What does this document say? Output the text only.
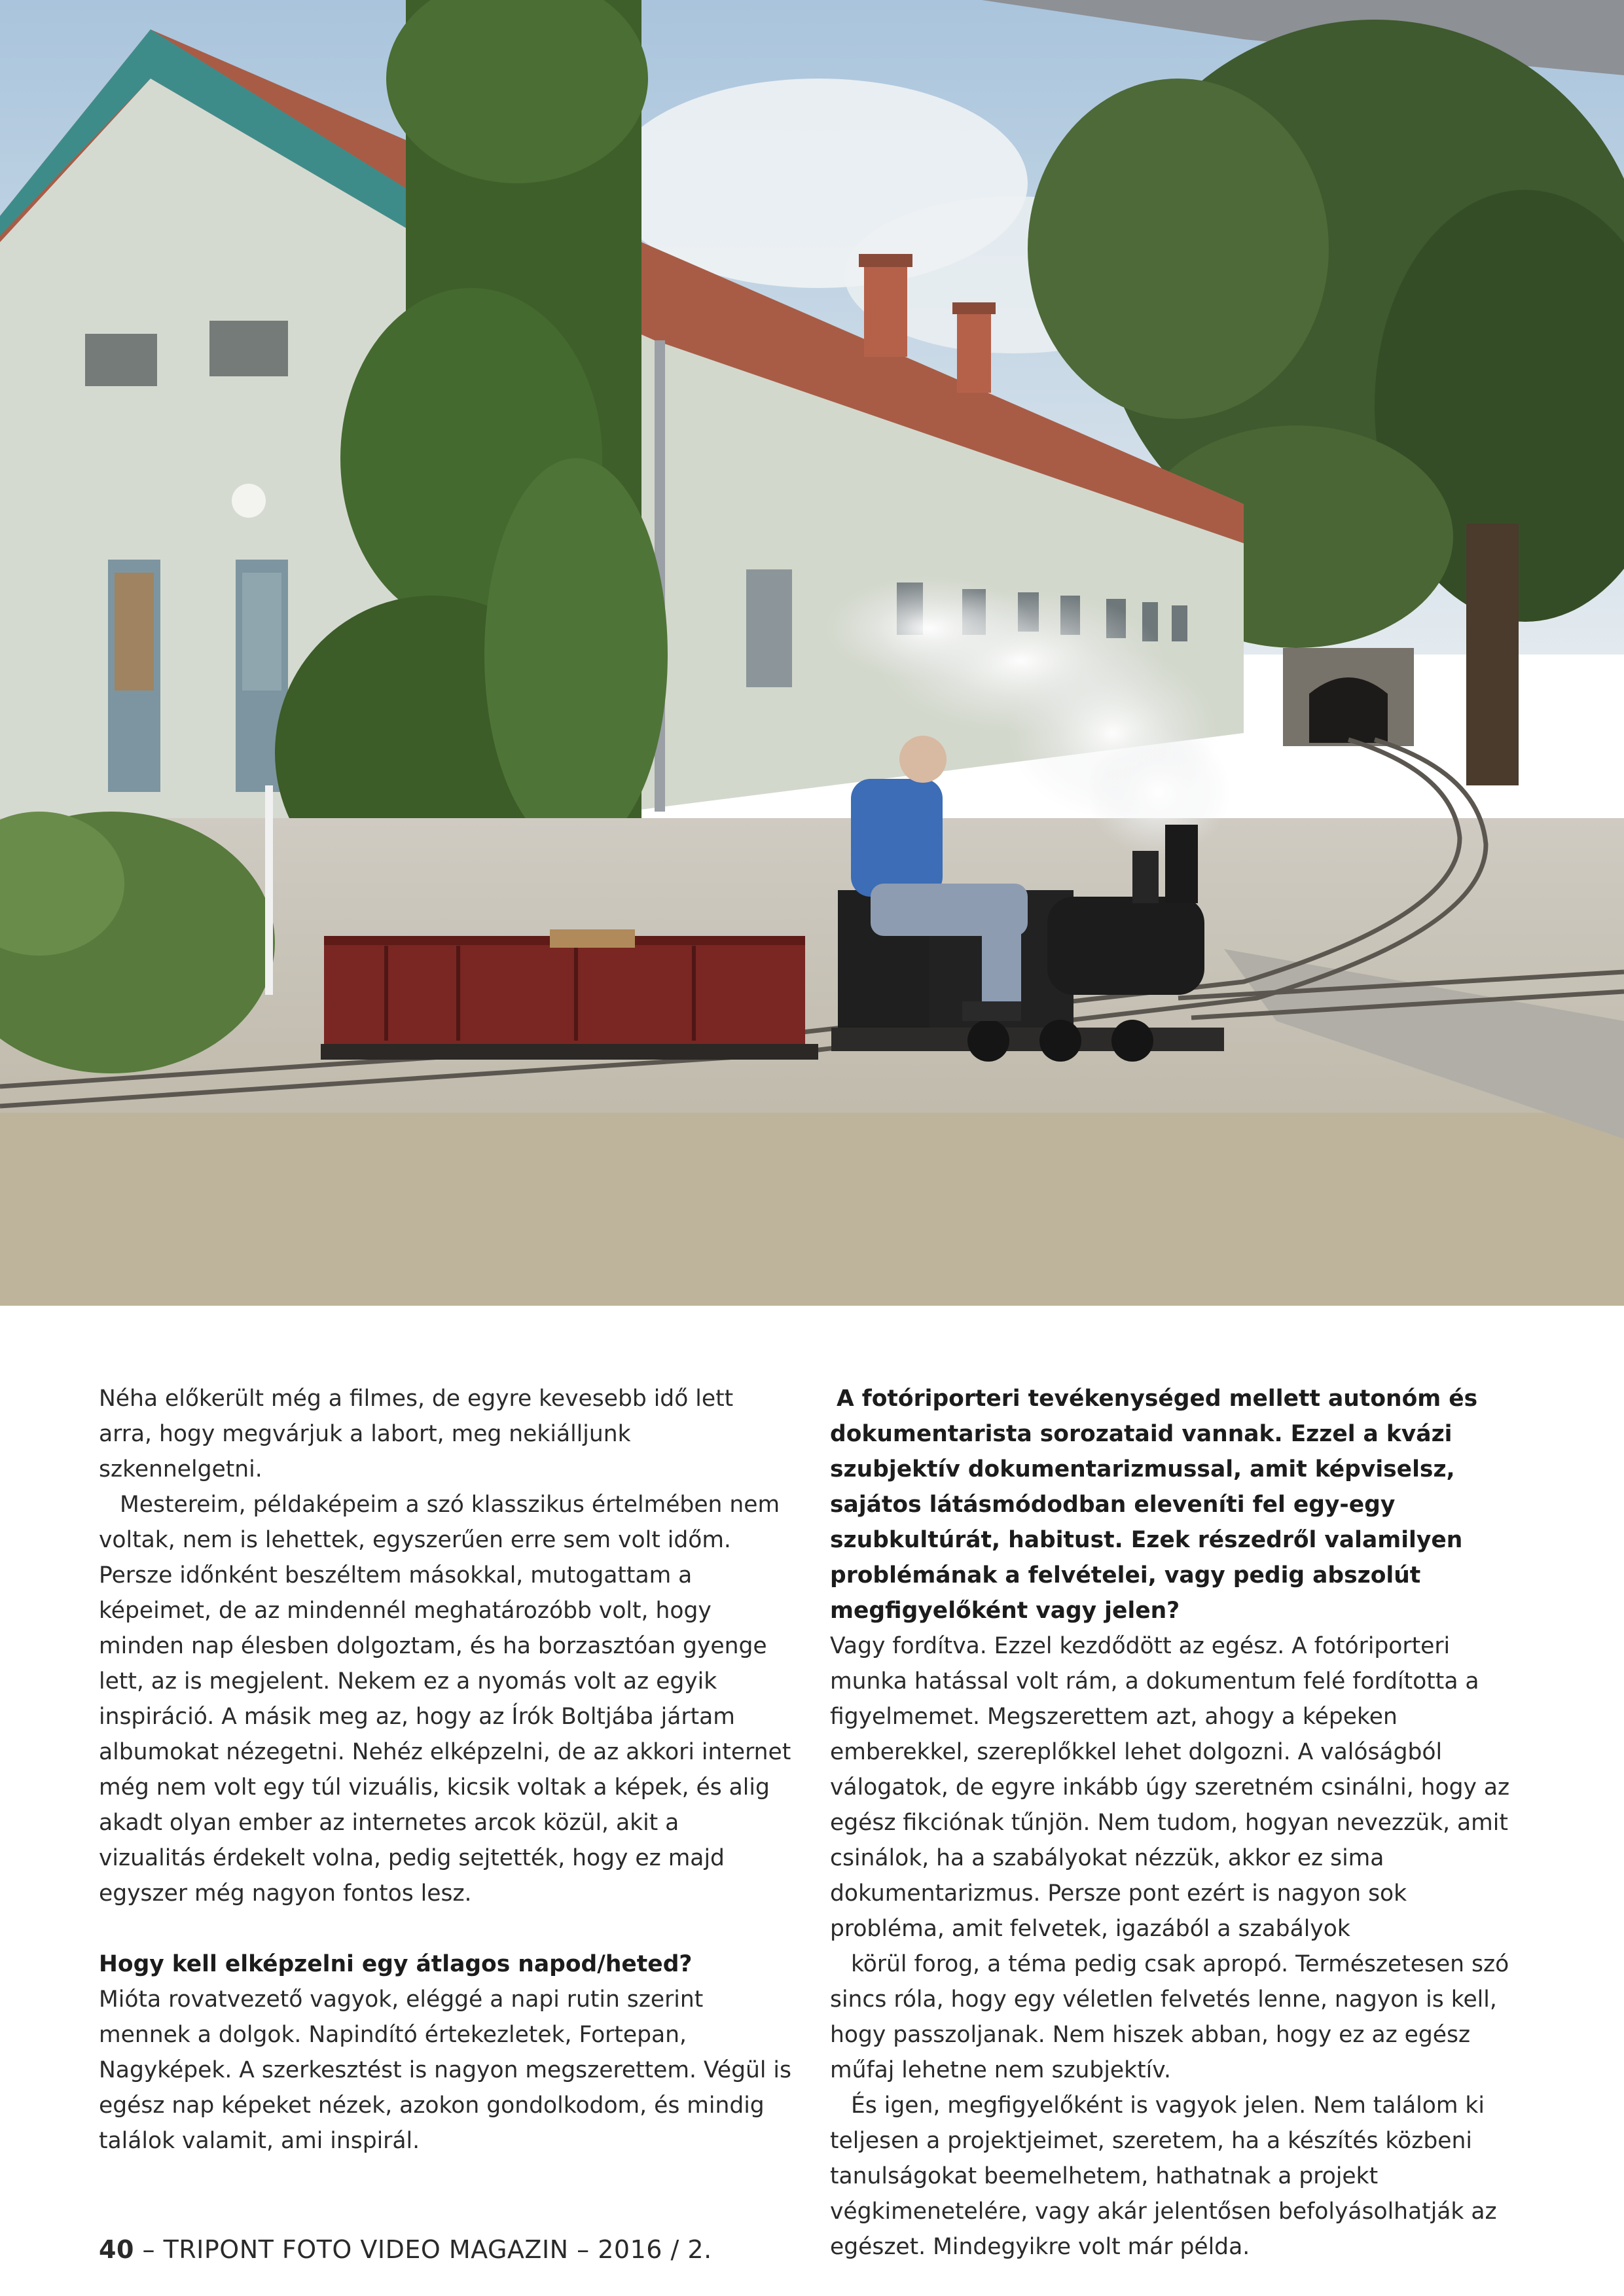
Néha előkerült még a filmes, de egyre kevesebb idő lett arra, hogy megvárjuk a labort, meg nekiálljunk szkennelgetni.

Mestereim, példaképeim a szó klasszikus értelmében nem voltak, nem is lehettek, egyszerűen erre sem volt időm. Persze időnként beszéltem másokkal, mutogattam a képeimet, de az mindennél meghatározóbb volt, hogy minden nap élesben dolgoztam, és ha borzasztóan gyenge lett, az is megjelent. Nekem ez a nyomás volt az egyik inspiráció. A másik meg az, hogy az Írók Boltjába jártam albumokat nézegetni. Nehéz elképzelni, de az akkori internet még nem volt egy túl vizuális, kicsik voltak a képek, és alig akadt olyan ember az internetes arcok közül, akit a vizualitás érdekelt volna, pedig sejtették, hogy ez majd egyszer még nagyon fontos lesz.

Hogy kell elképzelni egy átlagos napod/heted?

Mióta rovatvezető vagyok, eléggé a napi rutin szerint mennek a dolgok. Napindító értekezletek, Fortepan, Nagyképek. A szerkesztést is nagyon megszerettem. Végül is egész nap képeket nézek, azokon gondolkodom, és mindig találok valamit, ami inspirál.

A fotóriporteri tevékenységed mellett autonóm és dokumentarista sorozataid vannak. Ezzel a kvázi szubjektív dokumentarizmussal, amit képviselsz, sajátos látásmódodban eleveníti fel egy-egy szubkultúrát, habitust. Ezek részedről valamilyen problémának a felvételei, vagy pedig abszolút megfigyelőként vagy jelen?

Vagy fordítva. Ezzel kezdődött az egész. A fotóriporteri munka hatással volt rám, a dokumentum felé fordította a figyelmemet. Megszerettem azt, ahogy a képeken emberekkel, szereplőkkel lehet dolgozni. A valóságból válogatok, de egyre inkább úgy szeretném csinálni, hogy az egész fikciónak tűnjön. Nem tudom, hogyan nevezzük, amit csinálok, ha a szabályokat nézzük, akkor ez sima dokumentarizmus. Persze pont ezért is nagyon sok probléma, amit felvetek, igazából a szabályok

körül forog, a téma pedig csak apropó. Természetesen szó sincs róla, hogy egy véletlen felvetés lenne, nagyon is kell, hogy passzoljanak. Nem hiszek abban, hogy ez az egész műfaj lehetne nem szubjektív.

És igen, megfigyelőként is vagyok jelen. Nem találom ki teljesen a projektjeimet, szeretem, ha a készítés közbeni tanulságokat beemelhetem, hathatnak a projekt végkimenetelére, vagy akár jelentősen befolyásolhatják az egészet. Mindegyikre volt már példa.

40 – TRIPONT FOTO VIDEO MAGAZIN – 2016 / 2.
